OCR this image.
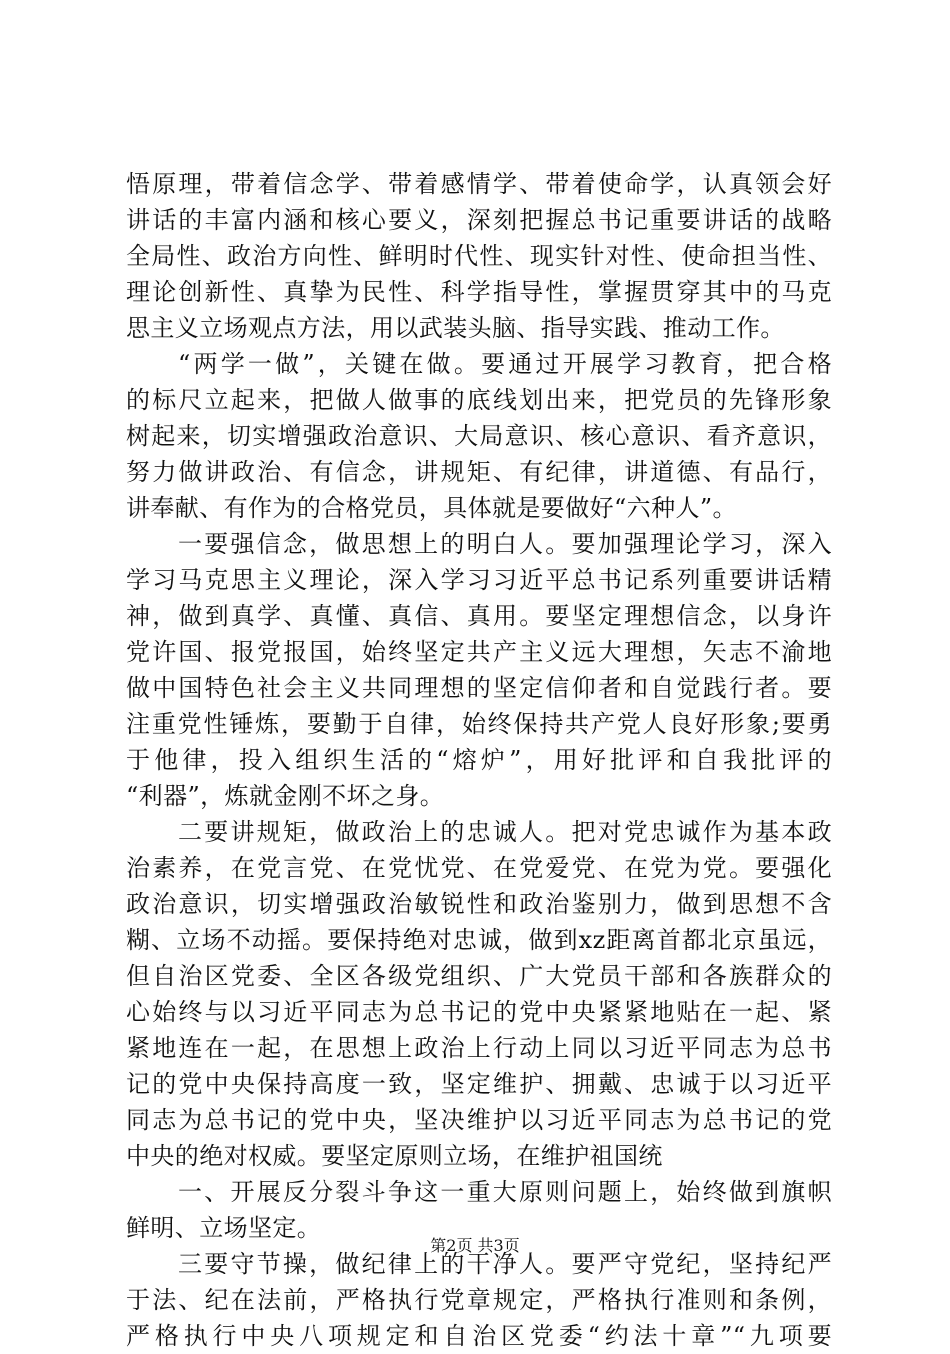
悟原理，带着信念学、带着感情学、带着使命学，认真领会好
讲话的丰富内涵和核心要义，深刻把握总书记重要讲话的战略
全局性、政治方向性、鲜明时代性、现实针对性、使命担当性、
理论创新性、真挚为民性、科学指导性，掌握贯穿其中的马克
思主义立场观点方法，用以武装头脑、指导实践、推动工作。
“两学一做”，关键在做。要通过开展学习教育，把合格
的标尺立起来，把做人做事的底线划出来，把党员的先锋形象
树起来，切实增强政治意识、大局意识、核心意识、看齐意识，
努力做讲政治、有信念，讲规矩、有纪律，讲道德、有品行，
讲奉献、有作为的合格党员，具体就是要做好“六种人”。
一要强信念，做思想上的明白人。要加强理论学习，深入
学习马克思主义理论，深入学习习近平总书记系列重要讲话精
神，做到真学、真懂、真信、真用。要坚定理想信念，以身许
党许国、报党报国，始终坚定共产主义远大理想，矢志不渝地
做中国特色社会主义共同理想的坚定信仰者和自觉践行者。要
注重党性锤炼，要勤于自律，始终保持共产党人良好形象;要勇
于他律，投入组织生活的“熔炉”，用好批评和自我批评的
“利器”，炼就金刚不坏之身。
二要讲规矩，做政治上的忠诚人。把对党忠诚作为基本政
治素养，在党言党、在党忧党、在党爱党、在党为党。要强化
政治意识，切实增强政治敏锐性和政治鉴别力，做到思想不含
糊、立场不动摇。要保持绝对忠诚，做到xz距离首都北京虽远，
但自治区党委、全区各级党组织、广大党员干部和各族群众的
心始终与以习近平同志为总书记的党中央紧紧地贴在一起、紧
紧地连在一起，在思想上政治上行动上同以习近平同志为总书
记的党中央保持高度一致，坚定维护、拥戴、忠诚于以习近平
同志为总书记的党中央，坚决维护以习近平同志为总书记的党
中央的绝对权威。要坚定原则立场，在维护祖国统
一、开展反分裂斗争这一重大原则问题上，始终做到旗帜
鲜明、立场坚定。
三要守节操，做纪律上的干净人。要严守党纪，坚持纪严
于法、纪在法前，严格执行党章规定，严格执行准则和条例，
严格执行中央八项规定和自治区党委“约法十章”“九项要
第2页 共3页
